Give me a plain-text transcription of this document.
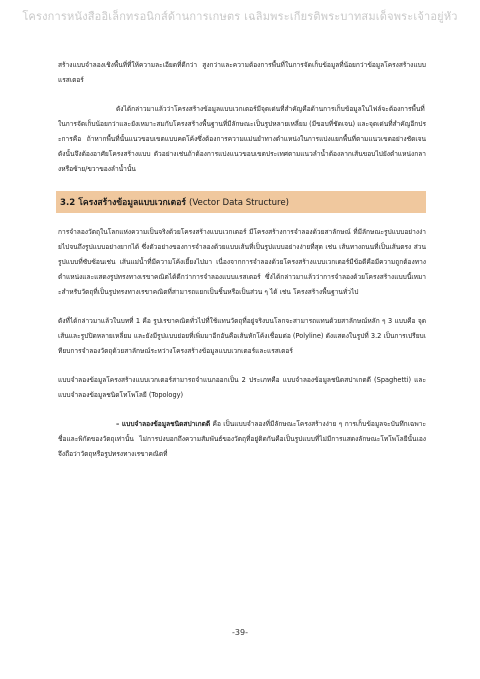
โครงการหนังสืออิเล็กทรอนิกส์ด้านการเกษตร เฉลิมพระเกียรติพระบาทสมเด็จพระเจ้าอยู่หัว

สร้างแบบจำลองเชิงพื้นที่ที่ให้ความละเอียดที่ดีกว่า สูงกว่าและความต้องการพื้นที่ในการจัดเก็บข้อมูลที่น้อยกว่าข้อมูลโครงสร้างแบบแรสเตอร์

ดังได้กล่าวมาแล้วว่าโครงสร้างข้อมูลแบบเวกเตอร์มีจุดเด่นที่สำคัญคือด้านการเก็บข้อมูลในไฟล์จะต้องการพื้นที่ในการจัดเก็บน้อยกว่าและยังเหมาะสมกับโครงสร้างพื้นฐานที่มีลักษณะเป็นรูปหลายเหลี่ยม (มีขอบที่ชัดเจน) และจุดเด่นที่สำคัญอีกประการคือ ถ้าหากพื้นที่นั้นแนวขอบเขตแบบคดโค้งซึ่งต้องการความแม่นยำทางตำแหน่งในการแบ่งแยกพื้นที่ตามแนวเขตอย่างชัดเจน ดังนั้นจึงต้องอาศัยโครงสร้างแบบ ตัวอย่างเช่นถ้าต้องการแบ่งแนวขอบเขตประเทศตามแนวลำน้ำต้องลากเส้นขอบไปยังตำแหน่งกลางหรือซ้าย/ขวาของลำน้ำนั้น

3.2 โครงสร้างข้อมูลแบบเวกเตอร์ (Vector Data Structure)

การจำลองวัตถุในโลกแห่งความเป็นจริงด้วยโครงสร้างแบบเวกเตอร์ มีโครงสร้างการจำลองด้วยสาลักษณ์ ที่มีลักษณะรูปแบบอย่างง่ายไปจนถึงรูปแบบอย่างยากได้ ซึ่งตัวอย่างของการจำลองด้วยแบบเส้นที่เป็นรูปแบบอย่างง่ายที่สุด เช่น เส้นทางถนนที่เป็นเส้นตรง ส่วนรูปแบบที่ซับซ้อนเช่น เส้นแม่น้ำที่มีความโค้งเยี้ยงไปมา เนื่องจากการจำลองด้วยโครงสร้างแบบเวกเตอร์มีข้อดีคือมีความถูกต้องทางตำแหน่งและแสดงรูปทรงทางเรขาคณิตได้ดีกว่าการจำลองแบบแรสเตอร์ ซึ่งได้กล่าวมาแล้วว่าการจำลองด้วยโครงสร้างแบบนี้เหมาะสำหรับวัตถุที่เป็นรูปทรงทางเรขาคณิตที่สามารถแยกเป็นชิ้นหรือเป็นส่วน ๆ ได้ เช่น โครงสร้างพื้นฐานทั่วไป

ดังที่ได้กล่าวมาแล้วในบทที่ 1 คือ รูปเรขาคณิตทั่วไปที่ใช้แทนวัตถุที่อยู่จริงบนโลกจะสามารถแทนด้วยสาลักษณ์หลัก ๆ 3 แบบคือ จุด เส้นและรูปปิดหลายเหลี่ยม และยังมีรูปแบบย่อยที่เพิ่มมาอีกอันคือเส้นหักโค้งเชื่อมต่อ (Polyline) ดังแสดงในรูปที่ 3.2 เป็นการเปรียบเทียบการจำลองวัตถุด้วยสาลักษณ์ระหว่างโครงสร้างข้อมูลแบบเวกเตอร์และแรสเตอร์

แบบจำลองข้อมูลโครงสร้างแบบเวกเตอร์สามารถจำแนกออกเป็น 2 ประเภทคือ แบบจำลองข้อมูลชนิดสปาเกตตี (Spaghetti) และ แบบจำลองข้อมูลชนิดโทโพโลยี (Topology)

– แบบจำลองข้อมูลชนิดสปาเกตตี คือ เป็นแบบจำลองที่มีลักษณะโครงสร้างง่าย ๆ การเก็บข้อมูลจะบันทึกเฉพาะชื่อและพิกัดของวัตถุเท่านั้น ไม่การบ่งบอกถึงความสัมพันธ์ของวัตถุที่อยู่ติดกันคือเป็นรูปแบบที่ไม่มีการแสดงลักษณะโทโพโลยีนั้นเองจึงถือว่าวัตถุหรือรูปทรงทางเรขาคณิตที่

-39-
